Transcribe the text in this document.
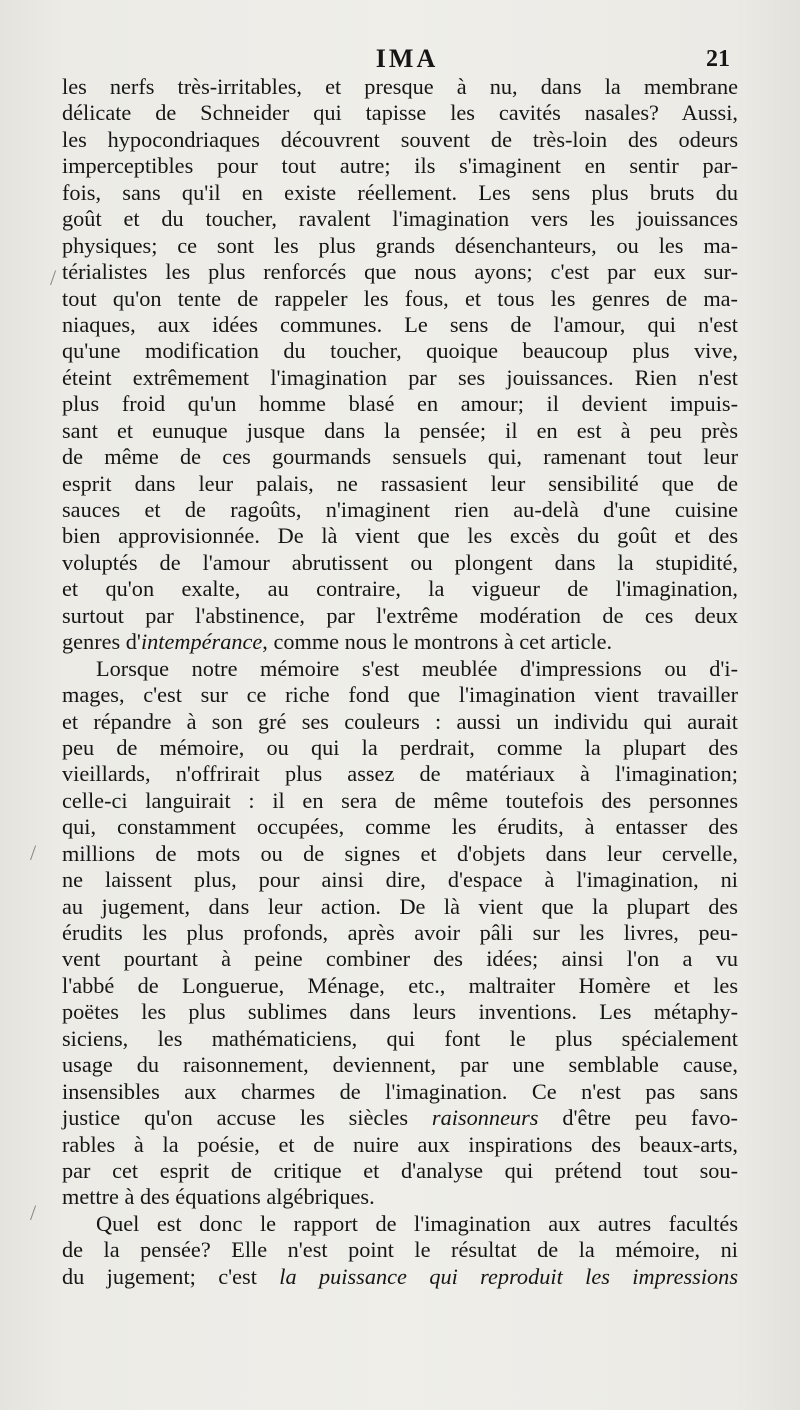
IMA	21
les nerfs très-irritables, et presque à nu, dans la membrane
délicate de Schneider qui tapisse les cavités nasales? Aussi,
les hypocondriaques découvrent souvent de très-loin des odeurs
imperceptibles pour tout autre; ils s'imaginent en sentir par-
fois, sans qu'il en existe réellement. Les sens plus bruts du
goût et du toucher, ravalent l'imagination vers les jouissances
physiques; ce sont les plus grands désenchanteurs, ou les ma-
térialistes les plus renforcés que nous ayons; c'est par eux sur-
tout qu'on tente de rappeler les fous, et tous les genres de ma-
niaques, aux idées communes. Le sens de l'amour, qui n'est
qu'une modification du toucher, quoique beaucoup plus vive,
éteint extrêmement l'imagination par ses jouissances. Rien n'est
plus froid qu'un homme blasé en amour; il devient impuis-
sant et eunuque jusque dans la pensée; il en est à peu près
de même de ces gourmands sensuels qui, ramenant tout leur
esprit dans leur palais, ne rassasient leur sensibilité que de
sauces et de ragoûts, n'imaginent rien au-delà d'une cuisine
bien approvisionnée. De là vient que les excès du goût et des
voluptés de l'amour abrutissent ou plongent dans la stupidité,
et qu'on exalte, au contraire, la vigueur de l'imagination,
surtout par l'abstinence, par l'extrême modération de ces deux
genres d'intempérance, comme nous le montrons à cet article.
Lorsque notre mémoire s'est meublée d'impressions ou d'i-
mages, c'est sur ce riche fond que l'imagination vient travailler
et répandre à son gré ses couleurs : aussi un individu qui aurait
peu de mémoire, ou qui la perdrait, comme la plupart des
vieillards, n'offrirait plus assez de matériaux à l'imagination;
celle-ci languirait : il en sera de même toutefois des personnes
qui, constamment occupées, comme les érudits, à entasser des
millions de mots ou de signes et d'objets dans leur cervelle,
ne laissent plus, pour ainsi dire, d'espace à l'imagination, ni
au jugement, dans leur action. De là vient que la plupart des
érudits les plus profonds, après avoir pâli sur les livres, peu-
vent pourtant à peine combiner des idées; ainsi l'on a vu
l'abbé de Longuerue, Ménage, etc., maltraiter Homère et les
poëtes les plus sublimes dans leurs inventions. Les métaphy-
siciens, les mathématiciens, qui font le plus spécialement
usage du raisonnement, deviennent, par une semblable cause,
insensibles aux charmes de l'imagination. Ce n'est pas sans
justice qu'on accuse les siècles raisonneurs d'être peu favo-
rables à la poésie, et de nuire aux inspirations des beaux-arts,
par cet esprit de critique et d'analyse qui prétend tout sou-
mettre à des équations algébriques.
Quel est donc le rapport de l'imagination aux autres facultés
de la pensée? Elle n'est point le résultat de la mémoire, ni
du jugement; c'est la puissance qui reproduit les impressions
/
/
/
